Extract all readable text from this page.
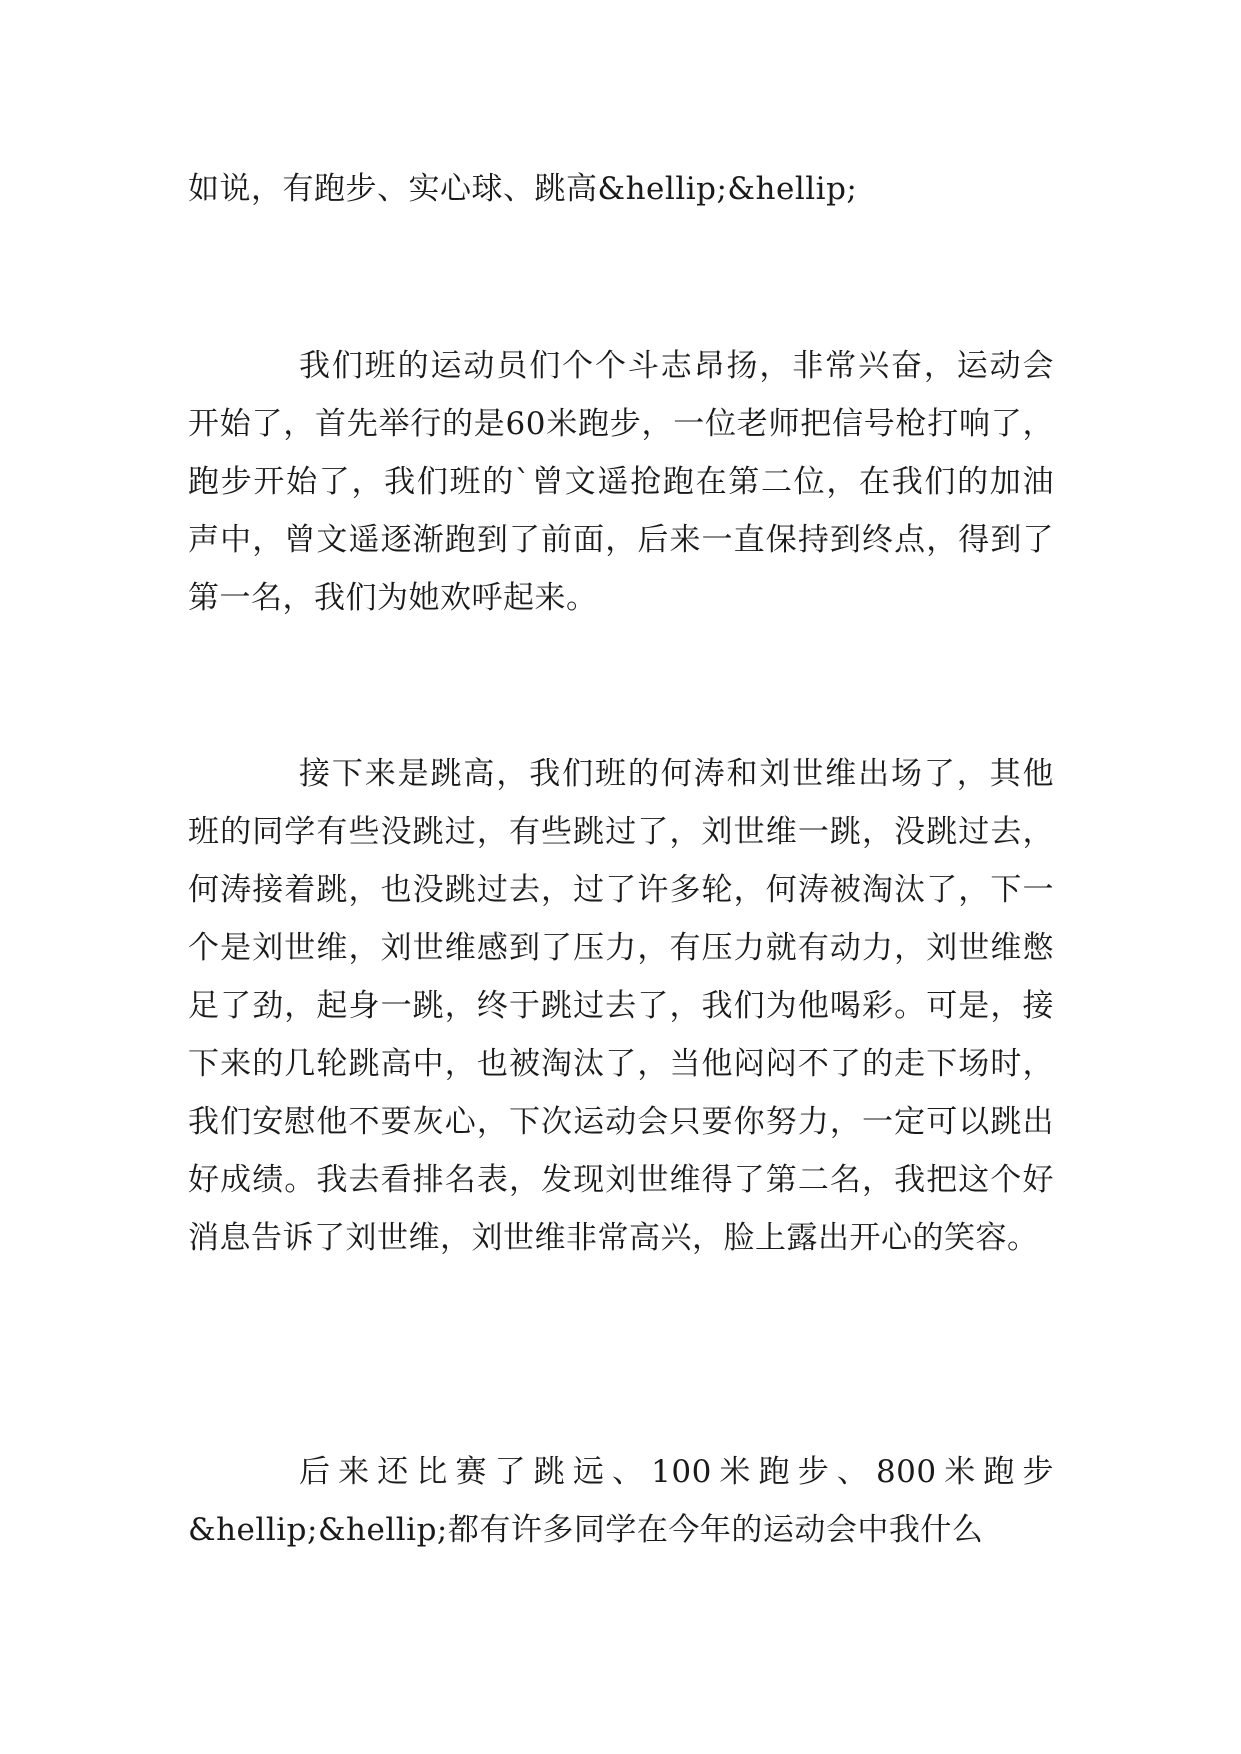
如说，有跑步、实心球、跳高&hellip;&hellip;
我们班的运动员们个个斗志昂扬，非常兴奋，运动会开始了，首先举行的是60米跑步，一位老师把信号枪打响了，跑步开始了，我们班的`曾文遥抢跑在第二位，在我们的加油声中，曾文遥逐渐跑到了前面，后来一直保持到终点，得到了第一名，我们为她欢呼起来。
接下来是跳高，我们班的何涛和刘世维出场了，其他班的同学有些没跳过，有些跳过了，刘世维一跳，没跳过去，何涛接着跳，也没跳过去，过了许多轮，何涛被淘汰了，下一个是刘世维，刘世维感到了压力，有压力就有动力，刘世维憋足了劲，起身一跳，终于跳过去了，我们为他喝彩。可是，接下来的几轮跳高中，也被淘汰了，当他闷闷不了的走下场时，我们安慰他不要灰心，下次运动会只要你努力，一定可以跳出好成绩。我去看排名表，发现刘世维得了第二名，我把这个好消息告诉了刘世维，刘世维非常高兴，脸上露出开心的笑容。
后来还比赛了跳远、100米跑步、800米跑步&hellip;&hellip;都有许多同学在今年的运动会中我什么
